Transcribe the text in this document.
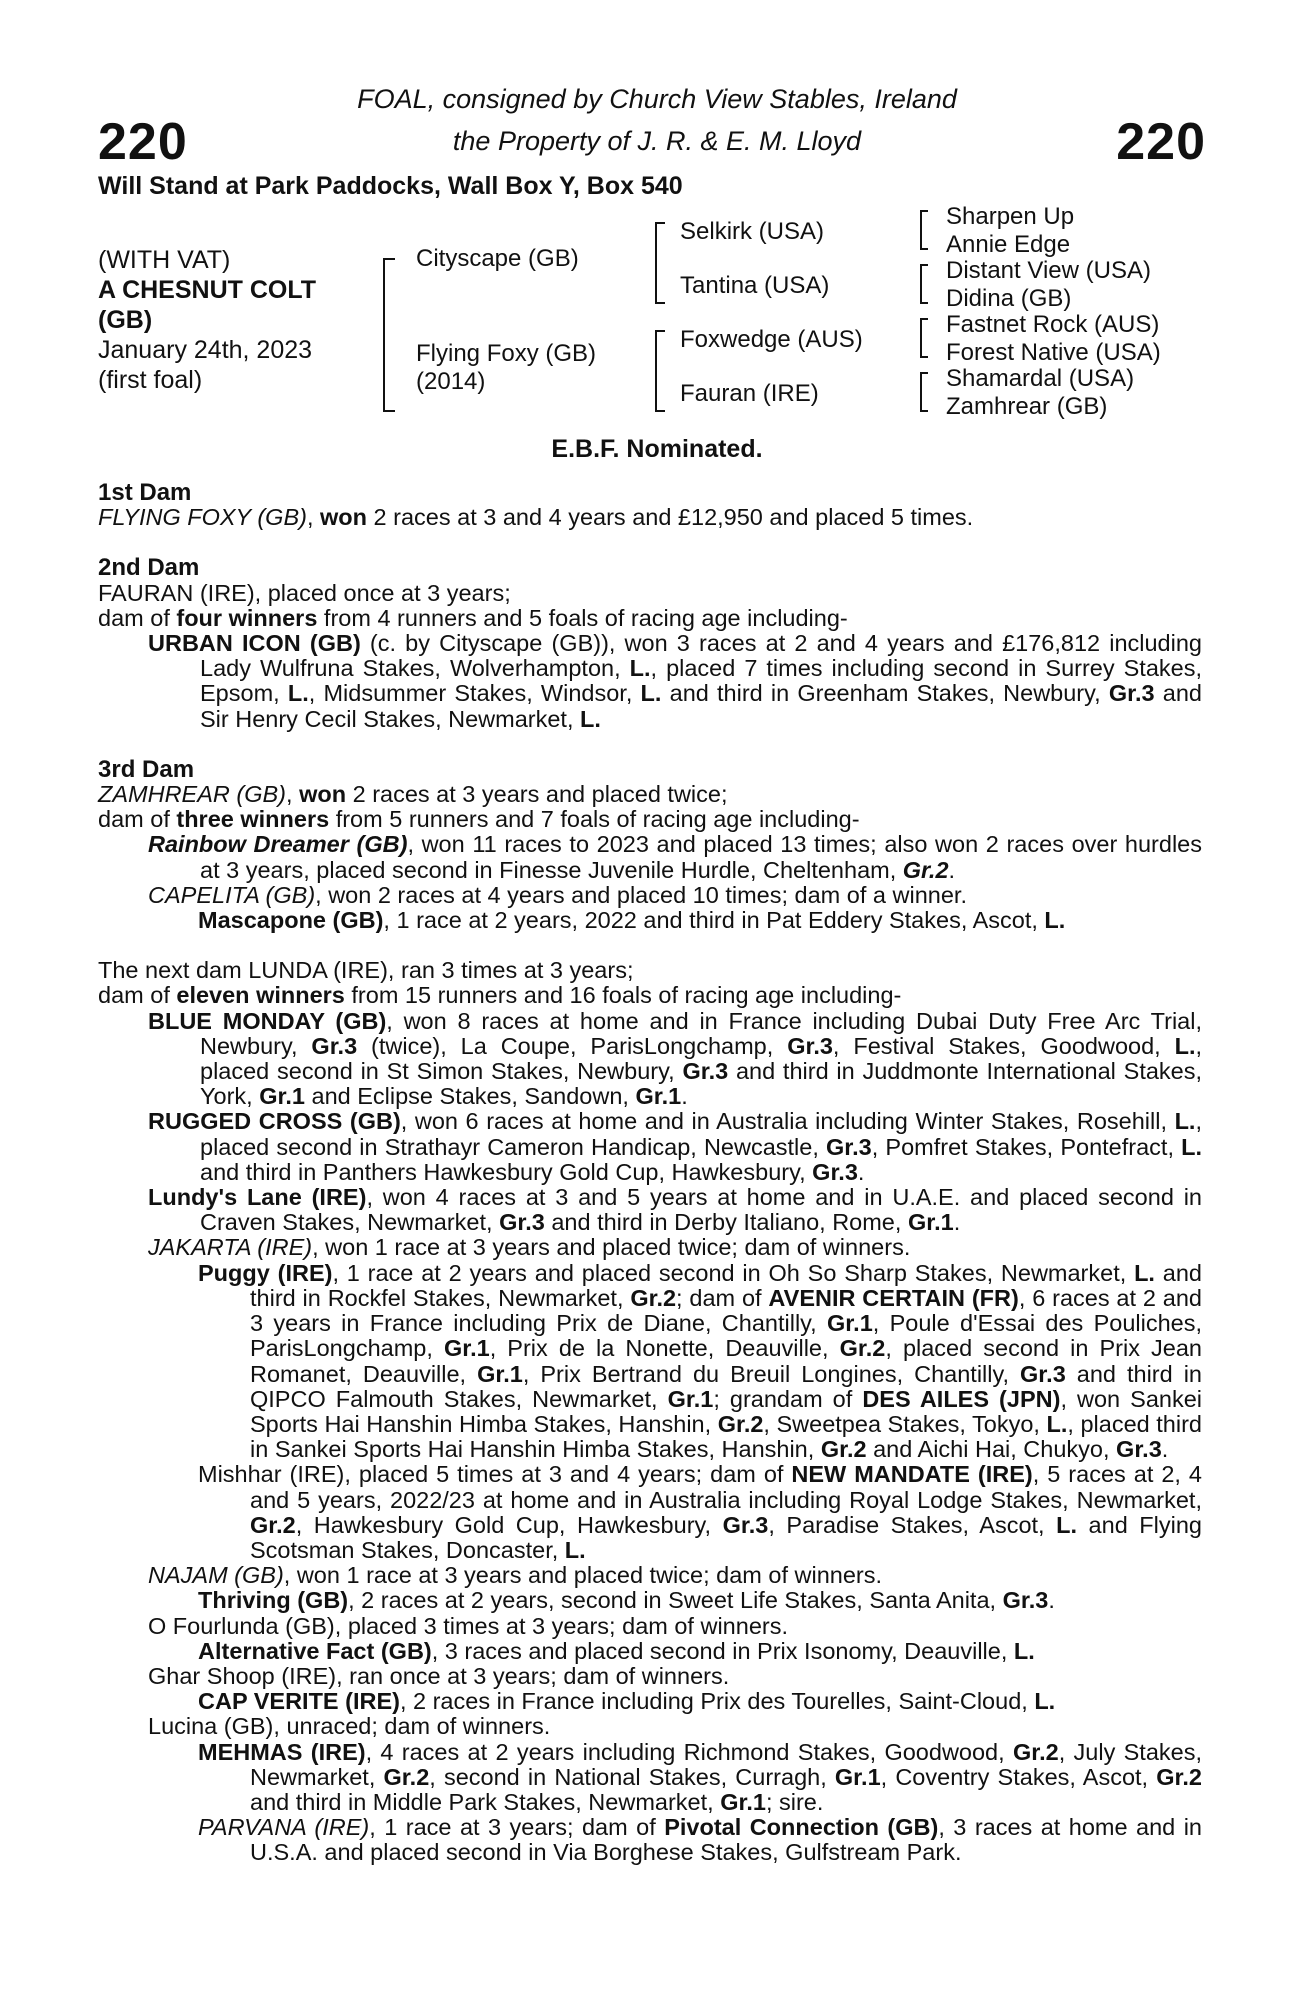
220	220
FOAL, consigned by Church View Stables, Ireland
the Property of J. R. & E. M. Lloyd
Will Stand at Park Paddocks, Wall Box Y, Box 540
(WITH VAT)
A CHESNUT COLT
(GB)
January 24th, 2023
(first foal)
Cityscape (GB)
Flying Foxy (GB)
(2014)
Selkirk (USA)
Tantina (USA)
Foxwedge (AUS)
Fauran (IRE)
Sharpen Up
Annie Edge
Distant View (USA)
Didina (GB)
Fastnet Rock (AUS)
Forest Native (USA)
Shamardal (USA)
Zamhrear (GB)
E.B.F. Nominated.

1st Dam

FLYING FOXY (GB), won 2 races at 3 and 4 years and £12,950 and placed 5 times.

2nd Dam

FAURAN (IRE), placed once at 3 years;

dam of four winners from 4 runners and 5 foals of racing age including-

URBAN ICON (GB) (c. by Cityscape (GB)), won 3 races at 2 and 4 years and £176,812 including Lady Wulfruna Stakes, Wolverhampton, L., placed 7 times including second in Surrey Stakes, Epsom, L., Midsummer Stakes, Windsor, L. and third in Greenham Stakes, Newbury, Gr.3 and Sir Henry Cecil Stakes, Newmarket, L.

3rd Dam

ZAMHREAR (GB), won 2 races at 3 years and placed twice;

dam of three winners from 5 runners and 7 foals of racing age including-

Rainbow Dreamer (GB), won 11 races to 2023 and placed 13 times; also won 2 races over hurdles at 3 years, placed second in Finesse Juvenile Hurdle, Cheltenham, Gr.2.

CAPELITA (GB), won 2 races at 4 years and placed 10 times; dam of a winner.

Mascapone (GB), 1 race at 2 years, 2022 and third in Pat Eddery Stakes, Ascot, L.

The next dam LUNDA (IRE), ran 3 times at 3 years;

dam of eleven winners from 15 runners and 16 foals of racing age including-

BLUE MONDAY (GB), won 8 races at home and in France including Dubai Duty Free Arc Trial, Newbury, Gr.3 (twice), La Coupe, ParisLongchamp, Gr.3, Festival Stakes, Goodwood, L., placed second in St Simon Stakes, Newbury, Gr.3 and third in Juddmonte International Stakes, York, Gr.1 and Eclipse Stakes, Sandown, Gr.1.

RUGGED CROSS (GB), won 6 races at home and in Australia including Winter Stakes, Rosehill, L., placed second in Strathayr Cameron Handicap, Newcastle, Gr.3, Pomfret Stakes, Pontefract, L. and third in Panthers Hawkesbury Gold Cup, Hawkesbury, Gr.3.

Lundy's Lane (IRE), won 4 races at 3 and 5 years at home and in U.A.E. and placed second in Craven Stakes, Newmarket, Gr.3 and third in Derby Italiano, Rome, Gr.1.

JAKARTA (IRE), won 1 race at 3 years and placed twice; dam of winners.

Puggy (IRE), 1 race at 2 years and placed second in Oh So Sharp Stakes, Newmarket, L. and third in Rockfel Stakes, Newmarket, Gr.2; dam of AVENIR CERTAIN (FR), 6 races at 2 and 3 years in France including Prix de Diane, Chantilly, Gr.1, Poule d'Essai des Pouliches, ParisLongchamp, Gr.1, Prix de la Nonette, Deauville, Gr.2, placed second in Prix Jean Romanet, Deauville, Gr.1, Prix Bertrand du Breuil Longines, Chantilly, Gr.3 and third in QIPCO Falmouth Stakes, Newmarket, Gr.1; grandam of DES AILES (JPN), won Sankei Sports Hai Hanshin Himba Stakes, Hanshin, Gr.2, Sweetpea Stakes, Tokyo, L., placed third in Sankei Sports Hai Hanshin Himba Stakes, Hanshin, Gr.2 and Aichi Hai, Chukyo, Gr.3.

Mishhar (IRE), placed 5 times at 3 and 4 years; dam of NEW MANDATE (IRE), 5 races at 2, 4 and 5 years, 2022/23 at home and in Australia including Royal Lodge Stakes, Newmarket, Gr.2, Hawkesbury Gold Cup, Hawkesbury, Gr.3, Paradise Stakes, Ascot, L. and Flying Scotsman Stakes, Doncaster, L.

NAJAM (GB), won 1 race at 3 years and placed twice; dam of winners.

Thriving (GB), 2 races at 2 years, second in Sweet Life Stakes, Santa Anita, Gr.3.

O Fourlunda (GB), placed 3 times at 3 years; dam of winners.

Alternative Fact (GB), 3 races and placed second in Prix Isonomy, Deauville, L.

Ghar Shoop (IRE), ran once at 3 years; dam of winners.

CAP VERITE (IRE), 2 races in France including Prix des Tourelles, Saint-Cloud, L.

Lucina (GB), unraced; dam of winners.

MEHMAS (IRE), 4 races at 2 years including Richmond Stakes, Goodwood, Gr.2, July Stakes, Newmarket, Gr.2, second in National Stakes, Curragh, Gr.1, Coventry Stakes, Ascot, Gr.2 and third in Middle Park Stakes, Newmarket, Gr.1; sire.

PARVANA (IRE), 1 race at 3 years; dam of Pivotal Connection (GB), 3 races at home and in U.S.A. and placed second in Via Borghese Stakes, Gulfstream Park.
